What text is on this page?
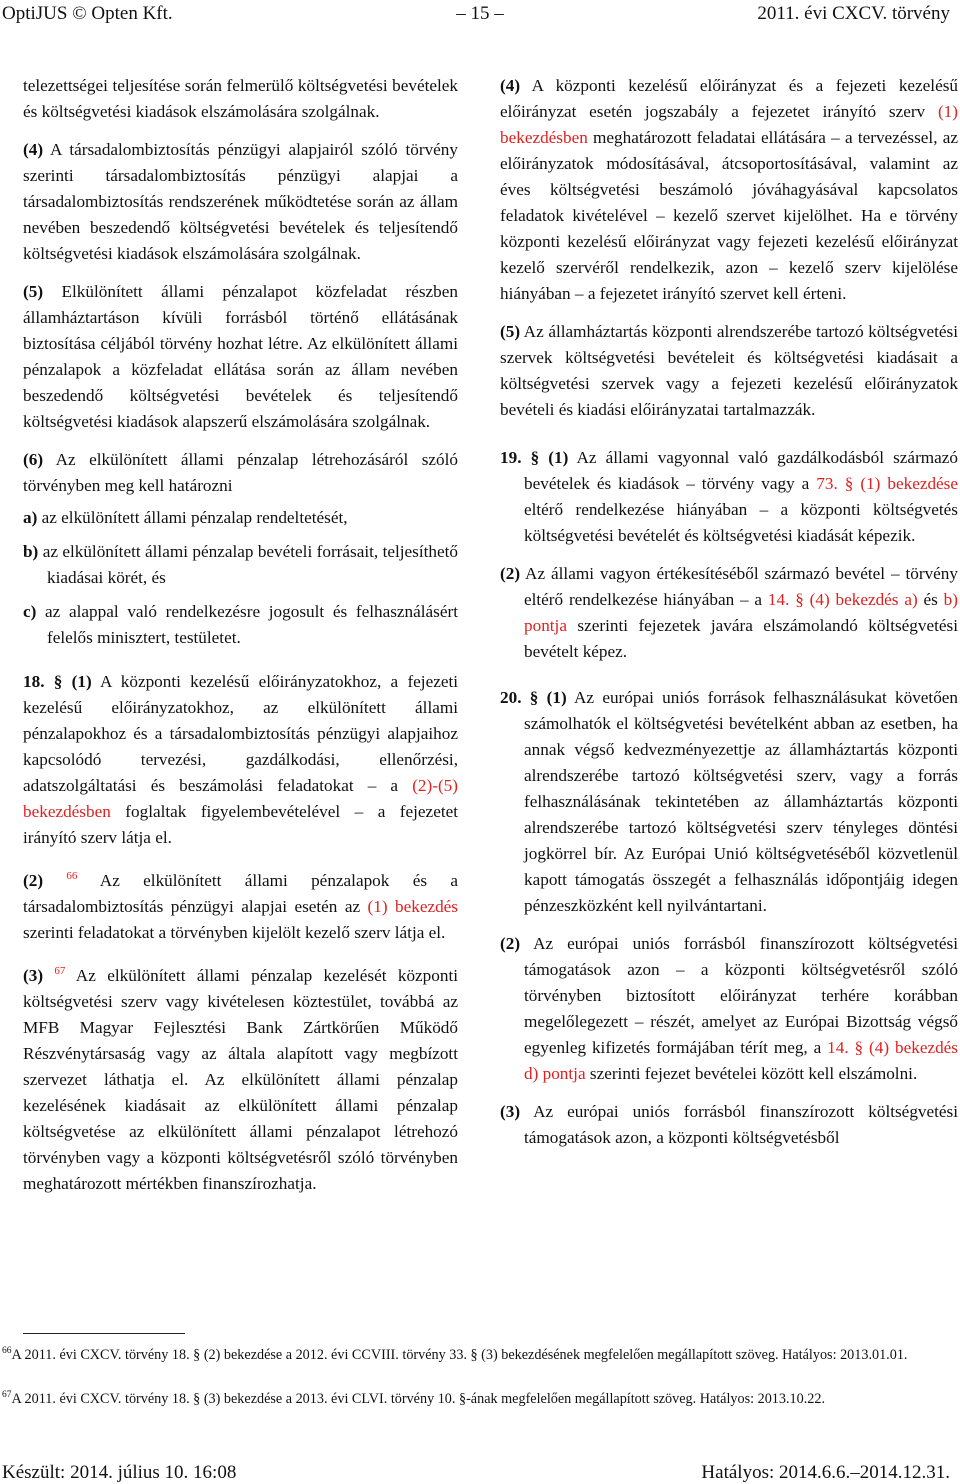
OptiJUS © Opten Kft.	– 15 –	2011. évi CXCV. törvény

telezettségei teljesítése során felmerülő költségvetési bevételek és költségvetési kiadások elszámolására szolgálnak.

(4) A társadalombiztosítás pénzügyi alapjairól szóló törvény szerinti társadalombiztosítás pénzügyi alapjai a társadalombiztosítás rendszerének működtetése során az állam nevében beszedendő költségvetési bevételek és teljesítendő költségvetési kiadások elszámolására szolgálnak.

(5) Elkülönített állami pénzalapot közfeladat részben államháztartáson kívüli forrásból történő ellátásának biztosítása céljából törvény hozhat létre. Az elkülönített állami pénzalapok a közfeladat ellátása során az állam nevében beszedendő költségvetési bevételek és teljesítendő költségvetési kiadások alapszerű elszámolására szolgálnak.

(6) Az elkülönített állami pénzalap létrehozásáról szóló törvényben meg kell határozni

a) az elkülönített állami pénzalap rendeltetését,

b) az elkülönített állami pénzalap bevételi forrásait, teljesíthető kiadásai körét, és

c) az alappal való rendelkezésre jogosult és felhasználásért felelős minisztert, testületet.

18. § (1) A központi kezelésű előirányzatokhoz, a fejezeti kezelésű előirányzatokhoz, az elkülönített állami pénzalapokhoz és a társadalombiztosítás pénzügyi alapjaihoz kapcsolódó tervezési, gazdálkodási, ellenőrzési, adatszolgáltatási és beszámolási feladatokat – a (2)-(5) bekezdésben foglaltak figyelembevételével – a fejezetet irányító szerv látja el.

(2) $^{66}$ Az elkülönített állami pénzalapok és a társadalombiztosítás pénzügyi alapjai esetén az (1) bekezdés szerinti feladatokat a törvényben kijelölt kezelő szerv látja el.

(3) $^{67}$ Az elkülönített állami pénzalap kezelését központi költségvetési szerv vagy kivételesen köztestület, továbbá az MFB Magyar Fejlesztési Bank Zártkörűen Működő Részvénytársaság vagy az általa alapított vagy megbízott szervezet láthatja el. Az elkülönített állami pénzalap kezelésének kiadásait az elkülönített állami pénzalap költségvetése az elkülönített állami pénzalapot létrehozó törvényben vagy a központi költségvetésről szóló törvényben meghatározott mértékben finanszírozhatja.

(4) A központi kezelésű előirányzat és a fejezeti kezelésű előirányzat esetén jogszabály a fejezetet irányító szerv (1) bekezdésben meghatározott feladatai ellátására – a tervezéssel, az előirányzatok módosításával, átcsoportosításával, valamint az éves költségvetési beszámoló jóváhagyásával kapcsolatos feladatok kivételével – kezelő szervet kijelölhet. Ha e törvény központi kezelésű előirányzat vagy fejezeti kezelésű előirányzat kezelő szervéről rendelkezik, azon – kezelő szerv kijelölése hiányában – a fejezetet irányító szervet kell érteni.

(5) Az államháztartás központi alrendszerébe tartozó költségvetési szervek költségvetési bevételeit és költségvetési kiadásait a költségvetési szervek vagy a fejezeti kezelésű előirányzatok bevételi és kiadási előirányzatai tartalmazzák.

19. § (1) Az állami vagyonnal való gazdálkodásból származó bevételek és kiadások – törvény vagy a 73. § (1) bekezdése eltérő rendelkezése hiányában – a központi költségvetés költségvetési bevételét és költségvetési kiadását képezik.

(2) Az állami vagyon értékesítéséből származó bevétel – törvény eltérő rendelkezése hiányában – a 14. § (4) bekezdés a) és b) pontja szerinti fejezetek javára elszámolandó költségvetési bevételt képez.

20. § (1) Az európai uniós források felhasználásukat követően számolhatók el költségvetési bevételként abban az esetben, ha annak végső kedvezményezettje az államháztartás központi alrendszerébe tartozó költségvetési szerv, vagy a forrás felhasználásának tekintetében az államháztartás központi alrendszerébe tartozó költségvetési szerv tényleges döntési jogkörrel bír. Az Európai Unió költségvetéséből közvetlenül kapott támogatás összegét a felhasználás időpontjáig idegen pénzeszközként kell nyilvántartani.

(2) Az európai uniós forrásból finanszírozott költségvetési támogatások azon – a központi költségvetésről szóló törvényben biztosított előirányzat terhére korábban megelőlegezett – részét, amelyet az Európai Bizottság végső egyenleg kifizetés formájában térít meg, a 14. § (4) bekezdés d) pontja szerinti fejezet bevételei között kell elszámolni.

(3) Az európai uniós forrásból finanszírozott költségvetési támogatások azon, a központi költségvetésből

$^{66}$A 2011. évi CXCV. törvény 18. § (2) bekezdése a 2012. évi CCVIII. törvény 33. § (3) bekezdésének megfelelően megállapított szöveg. Hatályos: 2013.01.01.
$^{67}$A 2011. évi CXCV. törvény 18. § (3) bekezdése a 2013. évi CLVI. törvény 10. §-ának megfelelően megállapított szöveg. Hatályos: 2013.10.22.
Készült: 2014. július 10. 16:08	Hatályos: 2014.6.6.–2014.12.31.
